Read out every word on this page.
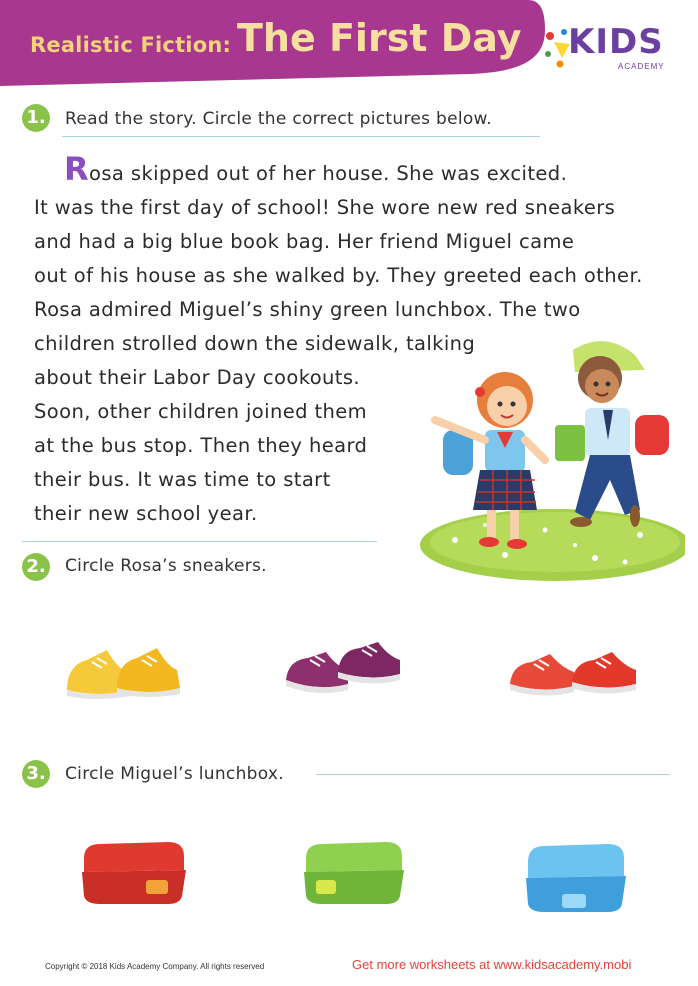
Realistic Fiction: The First Day KIDS
ACADEMY
1. Read the story. Circle the correct pictures below.
Rosa skipped out of her house. She was excited.
It was the first day of school! She wore new red sneakers
and had a big blue book bag. Her friend Miguel came
out of his house as she walked by. They greeted each other.
Rosa admired Miguel’s shiny green lunchbox. The two
children strolled down the sidewalk, talking
about their Labor Day cookouts.
Soon, other children joined them
at the bus stop. Then they heard
their bus. It was time to start
their new school year.
2. Circle Rosa’s sneakers.
3. Circle Miguel’s lunchbox.
Copyright © 2018 Kids Academy Company. All rights reserved	Get more worksheets at www.kidsacademy.mobi
